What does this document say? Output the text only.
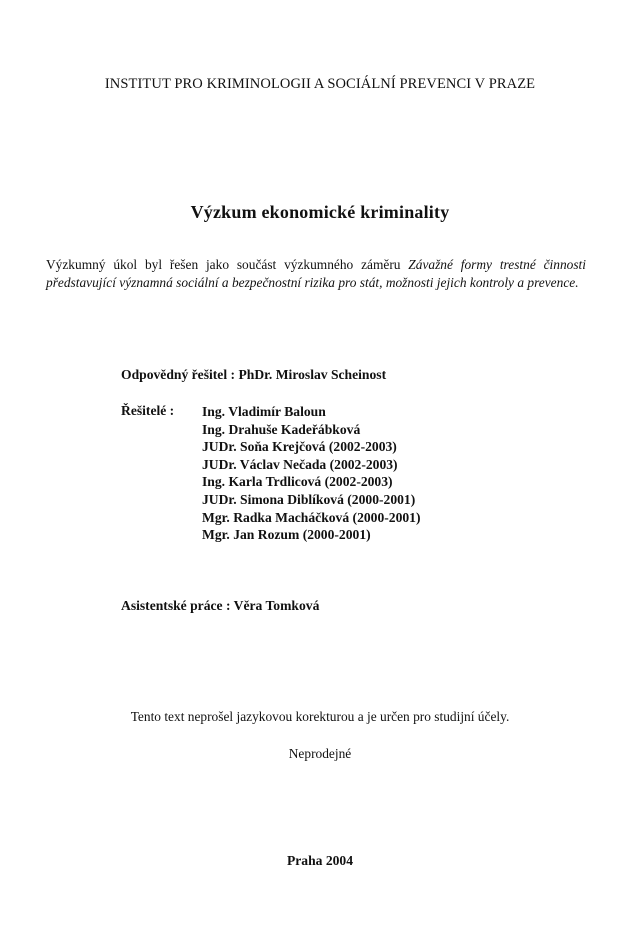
INSTITUT PRO KRIMINOLOGII A SOCIÁLNÍ PREVENCI V PRAZE
Výzkum ekonomické kriminality
Výzkumný úkol byl řešen jako součást výzkumného záměru Závažné formy trestné činnosti představující významná sociální a bezpečnostní rizika pro stát, možnosti jejich kontroly a prevence.
Odpovědný řešitel : PhDr. Miroslav Scheinost
Řešitelé :	Ing. Vladimír Baloun
Ing. Drahuše Kadeřábková
JUDr. Soňa Krejčová (2002-2003)
JUDr. Václav Nečada (2002-2003)
Ing. Karla Trdlicová (2002-2003)
JUDr. Simona Diblíková (2000-2001)
Mgr. Radka Macháčková (2000-2001)
Mgr. Jan Rozum (2000-2001)
Asistentské práce : Věra Tomková
Tento text neprošel jazykovou korekturou a je určen pro studijní účely.
Neprodejné
Praha 2004
